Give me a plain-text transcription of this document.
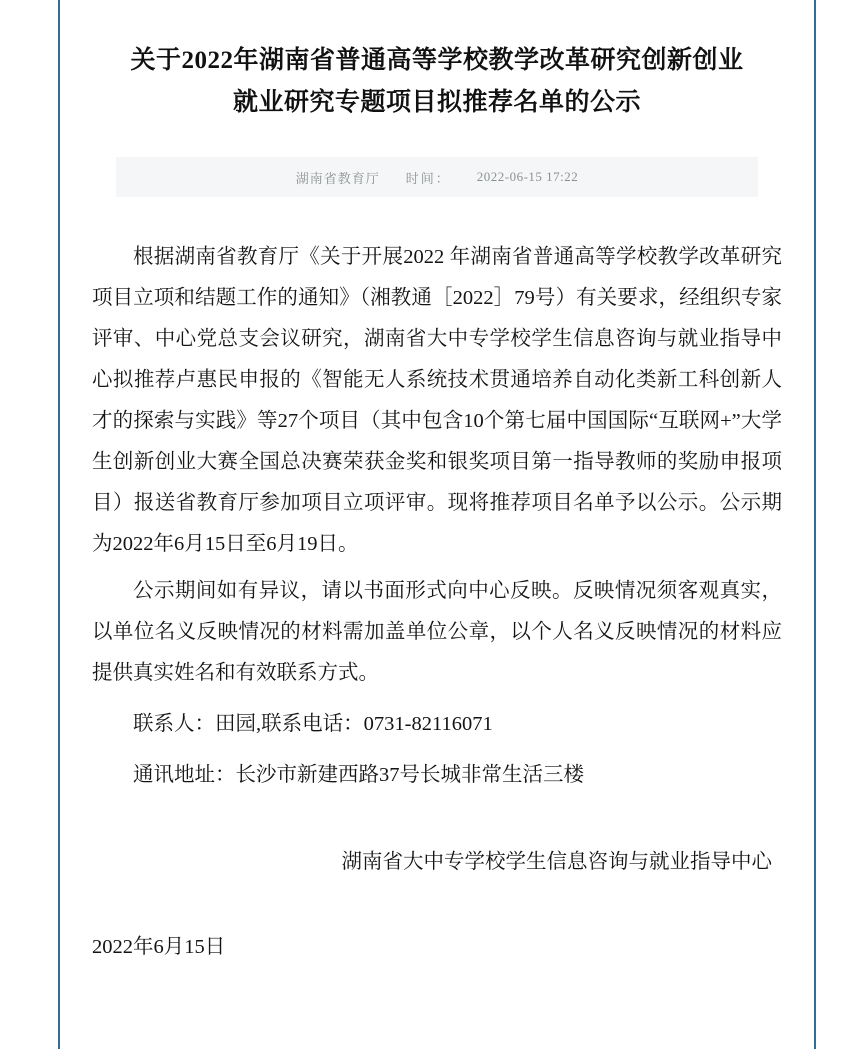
关于2022年湖南省普通高等学校教学改革研究创新创业
就业研究专题项目拟推荐名单的公示
湖南省教育厅 时间： 2022-06-15 17:22

根据湖南省教育厅《关于开展2022 年湖南省普通高等学校教学改革研究项目立项和结题工作的通知》（湘教通［2022］79号）有关要求，经组织专家评审、中心党总支会议研究，湖南省大中专学校学生信息咨询与就业指导中心拟推荐卢惠民申报的《智能无人系统技术贯通培养自动化类新工科创新人才的探索与实践》等27个项目（其中包含10个第七届中国国际“互联网+”大学生创新创业大赛全国总决赛荣获金奖和银奖项目第一指导教师的奖励申报项目）报送省教育厅参加项目立项评审。现将推荐项目名单予以公示。公示期为2022年6月15日至6月19日。

公示期间如有异议，请以书面形式向中心反映。反映情况须客观真实，以单位名义反映情况的材料需加盖单位公章，以个人名义反映情况的材料应提供真实姓名和有效联系方式。

联系人：田园,联系电话：0731-82116071

通讯地址：长沙市新建西路37号长城非常生活三楼

湖南省大中专学校学生信息咨询与就业指导中心
2022年6月15日
